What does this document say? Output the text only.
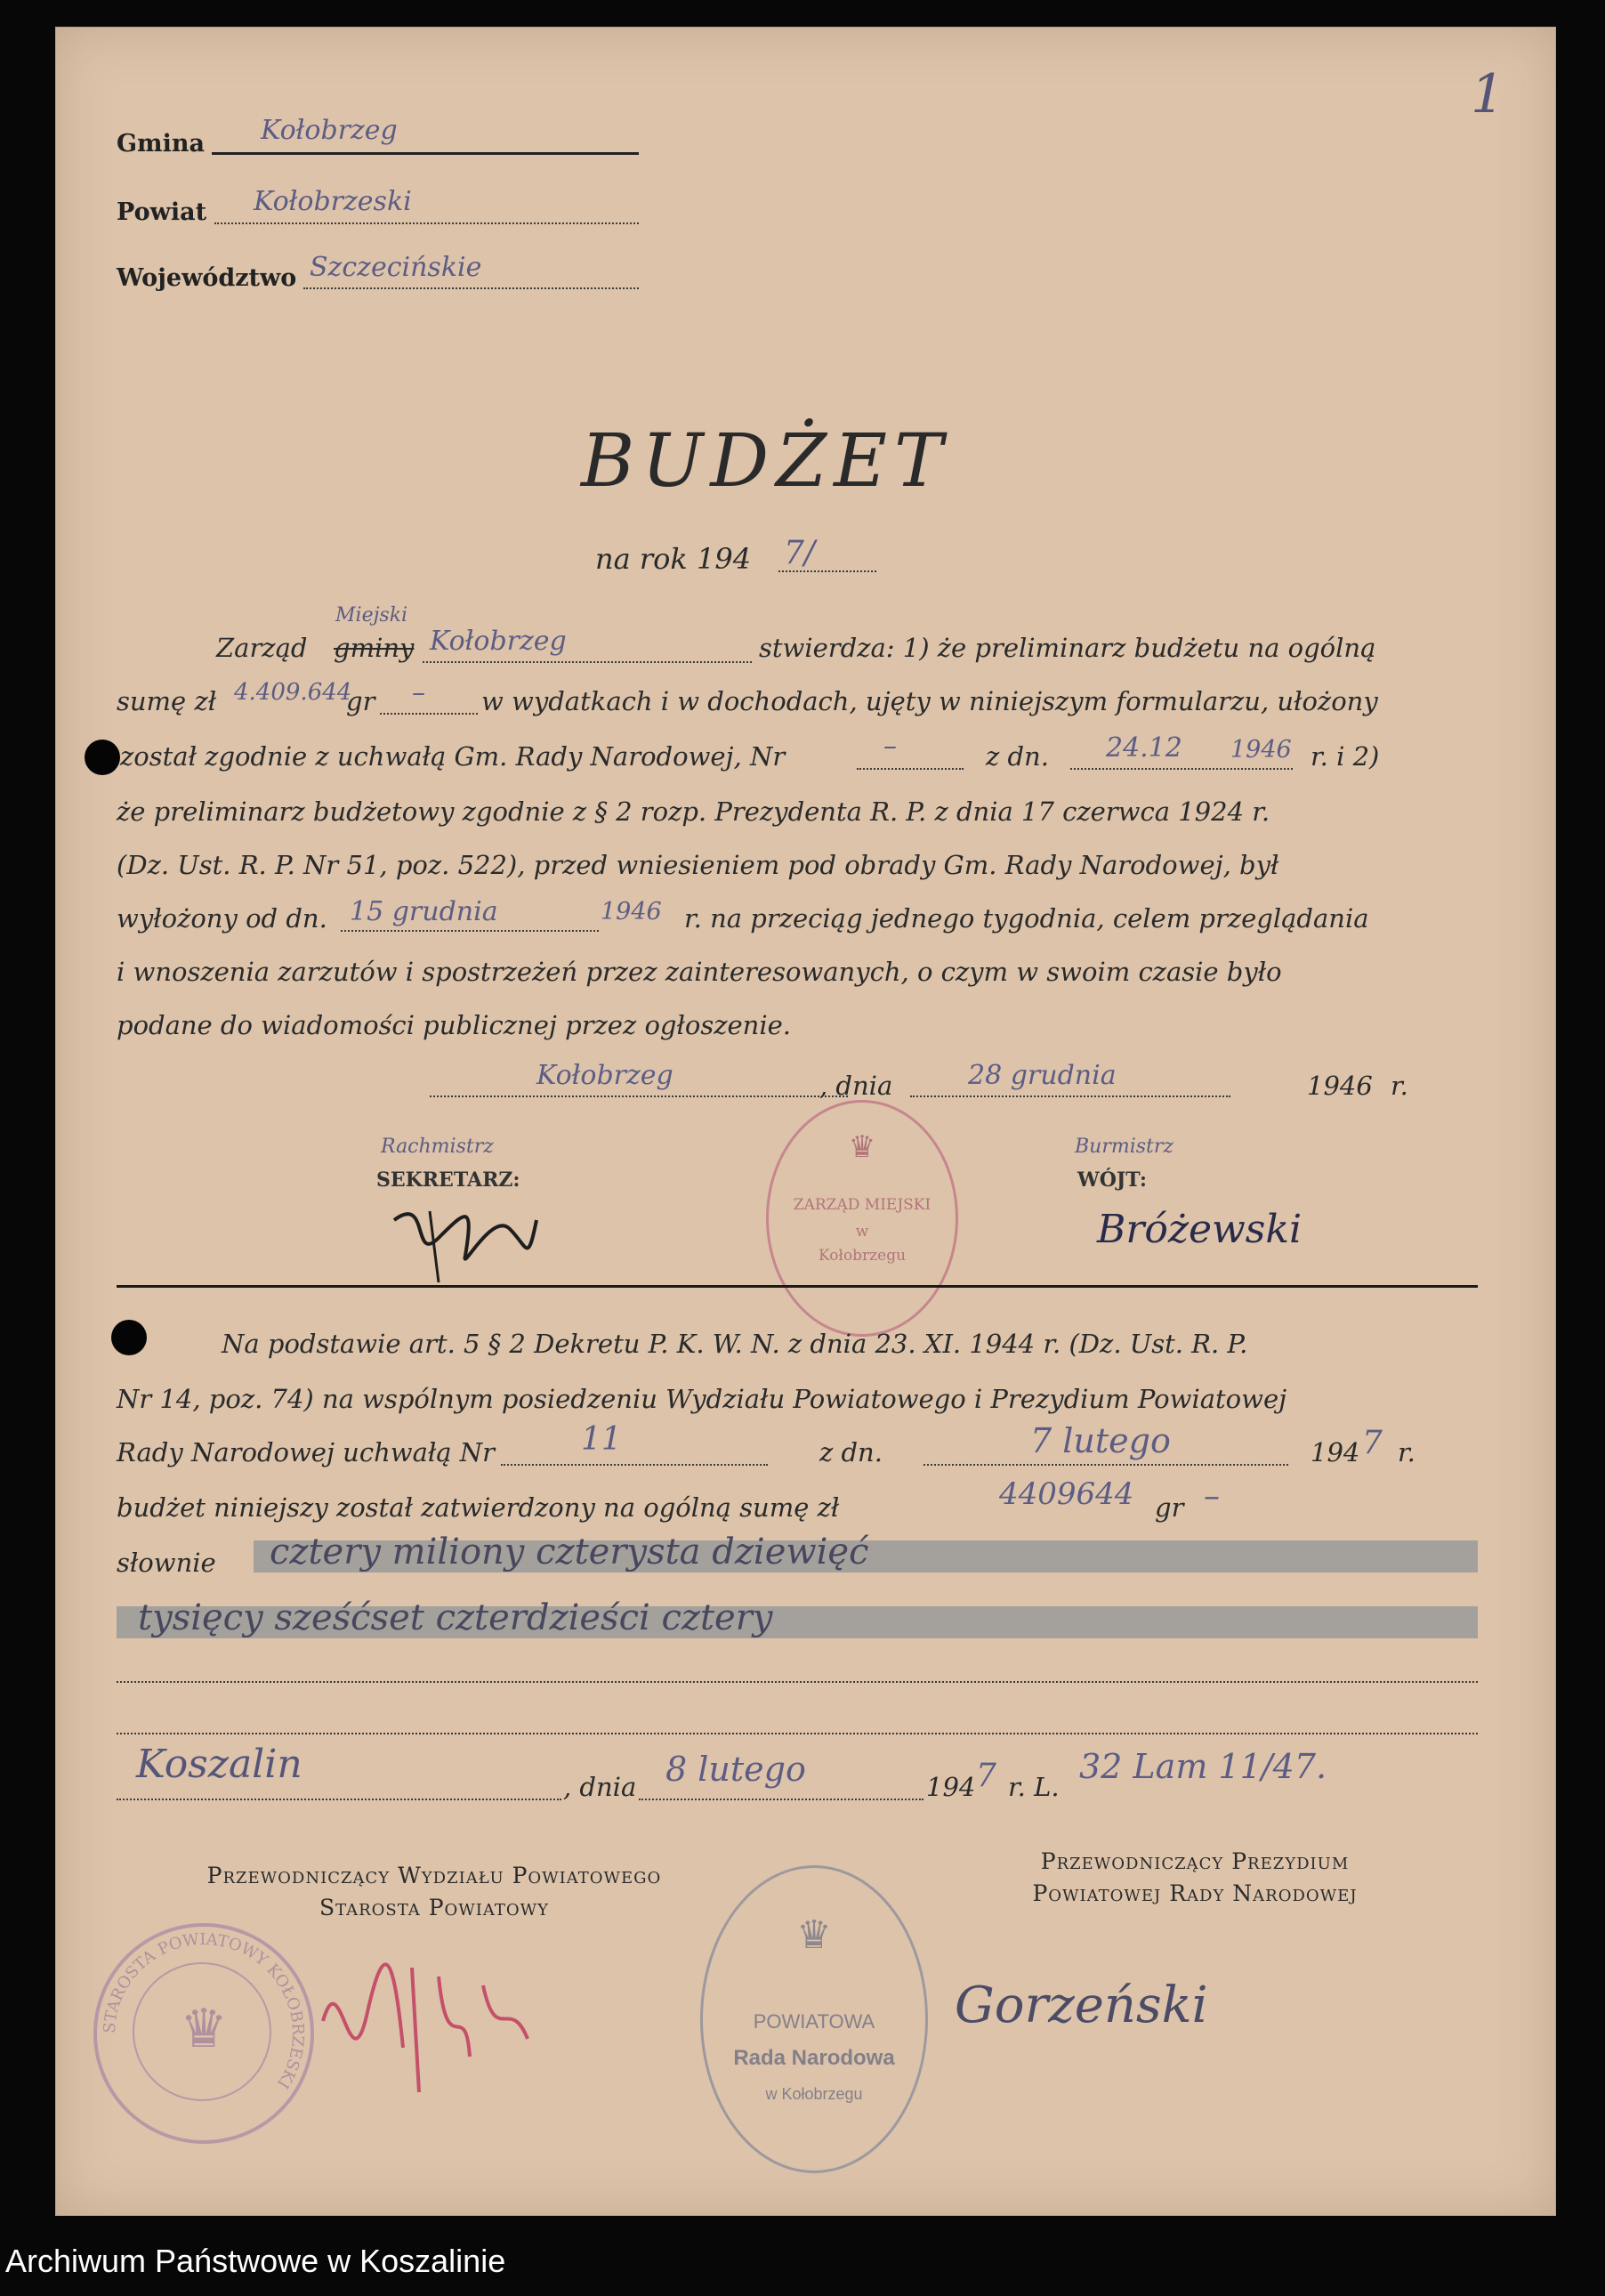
1
Gmina Kołobrzeg
Powiat Kołobrzeski
Województwo Szczecińskie
BUDŻET
na rok 194 7/
Zarząd gminy
Miejski
Kołobrzeg	stwierdza: 1) że preliminarz budżetu na ogólną
sumę zł 4.409.644
gr – w wydatkach i w dochodach, ujęty w niniejszym formularzu, ułożony
został zgodnie z uchwałą Gm. Rady Narodowej, Nr	–	z dn. 24.12 1946 r. i 2)
że preliminarz budżetowy zgodnie z § 2 rozp. Prezydenta R. P. z dnia 17 czerwca 1924 r.
(Dz. Ust. R. P. Nr 51, poz. 522), przed wniesieniem pod obrady Gm. Rady Narodowej, był
wyłożony od dn. 15 grudnia	1946 r. na przeciąg jednego tygodnia, celem przeglądania
i wnoszenia zarzutów i spostrzeżeń przez zainteresowanych, o czym w swoim czasie było
podane do wiadomości publicznej przez ogłoszenie.
Kołobrzeg	, dnia	28 grudnia	1946 r.
Rachmistrz
SEKRETARZ:
Burmistrz
WÓJT:
Bróżewski
♛
ZARZĄD MIEJSKI
w
Kołobrzegu
Na podstawie art. 5 § 2 Dekretu P. K. W. N. z dnia 23. XI. 1944 r. (Dz. Ust. R. P.
Nr 14, poz. 74) na wspólnym posiedzeniu Wydziału Powiatowego i Prezydium Powiatowej
Rady Narodowej uchwałą Nr	11	z dn.	7 lutego	194 7 r.
budżet niniejszy został zatwierdzony na ogólną sumę zł	4409644 gr –
słownie cztery miliony czterysta dziewięć
tysięcy sześćset czterdzieści cztery
Koszalin	, dnia 8 lutego	194 7 r. L.
32 Lam 11/47.
Przewodniczący Wydziału Powiatowego
Starosta Powiatowy
Przewodniczący Prezydium
Powiatowej Rady Narodowej
♛
STAROSTA POWIATOWY KOŁOBRZESKI
♛
POWIATOWA
Rada Narodowa
w Kołobrzegu
Gorzeński
Archiwum Państwowe w Koszalinie
